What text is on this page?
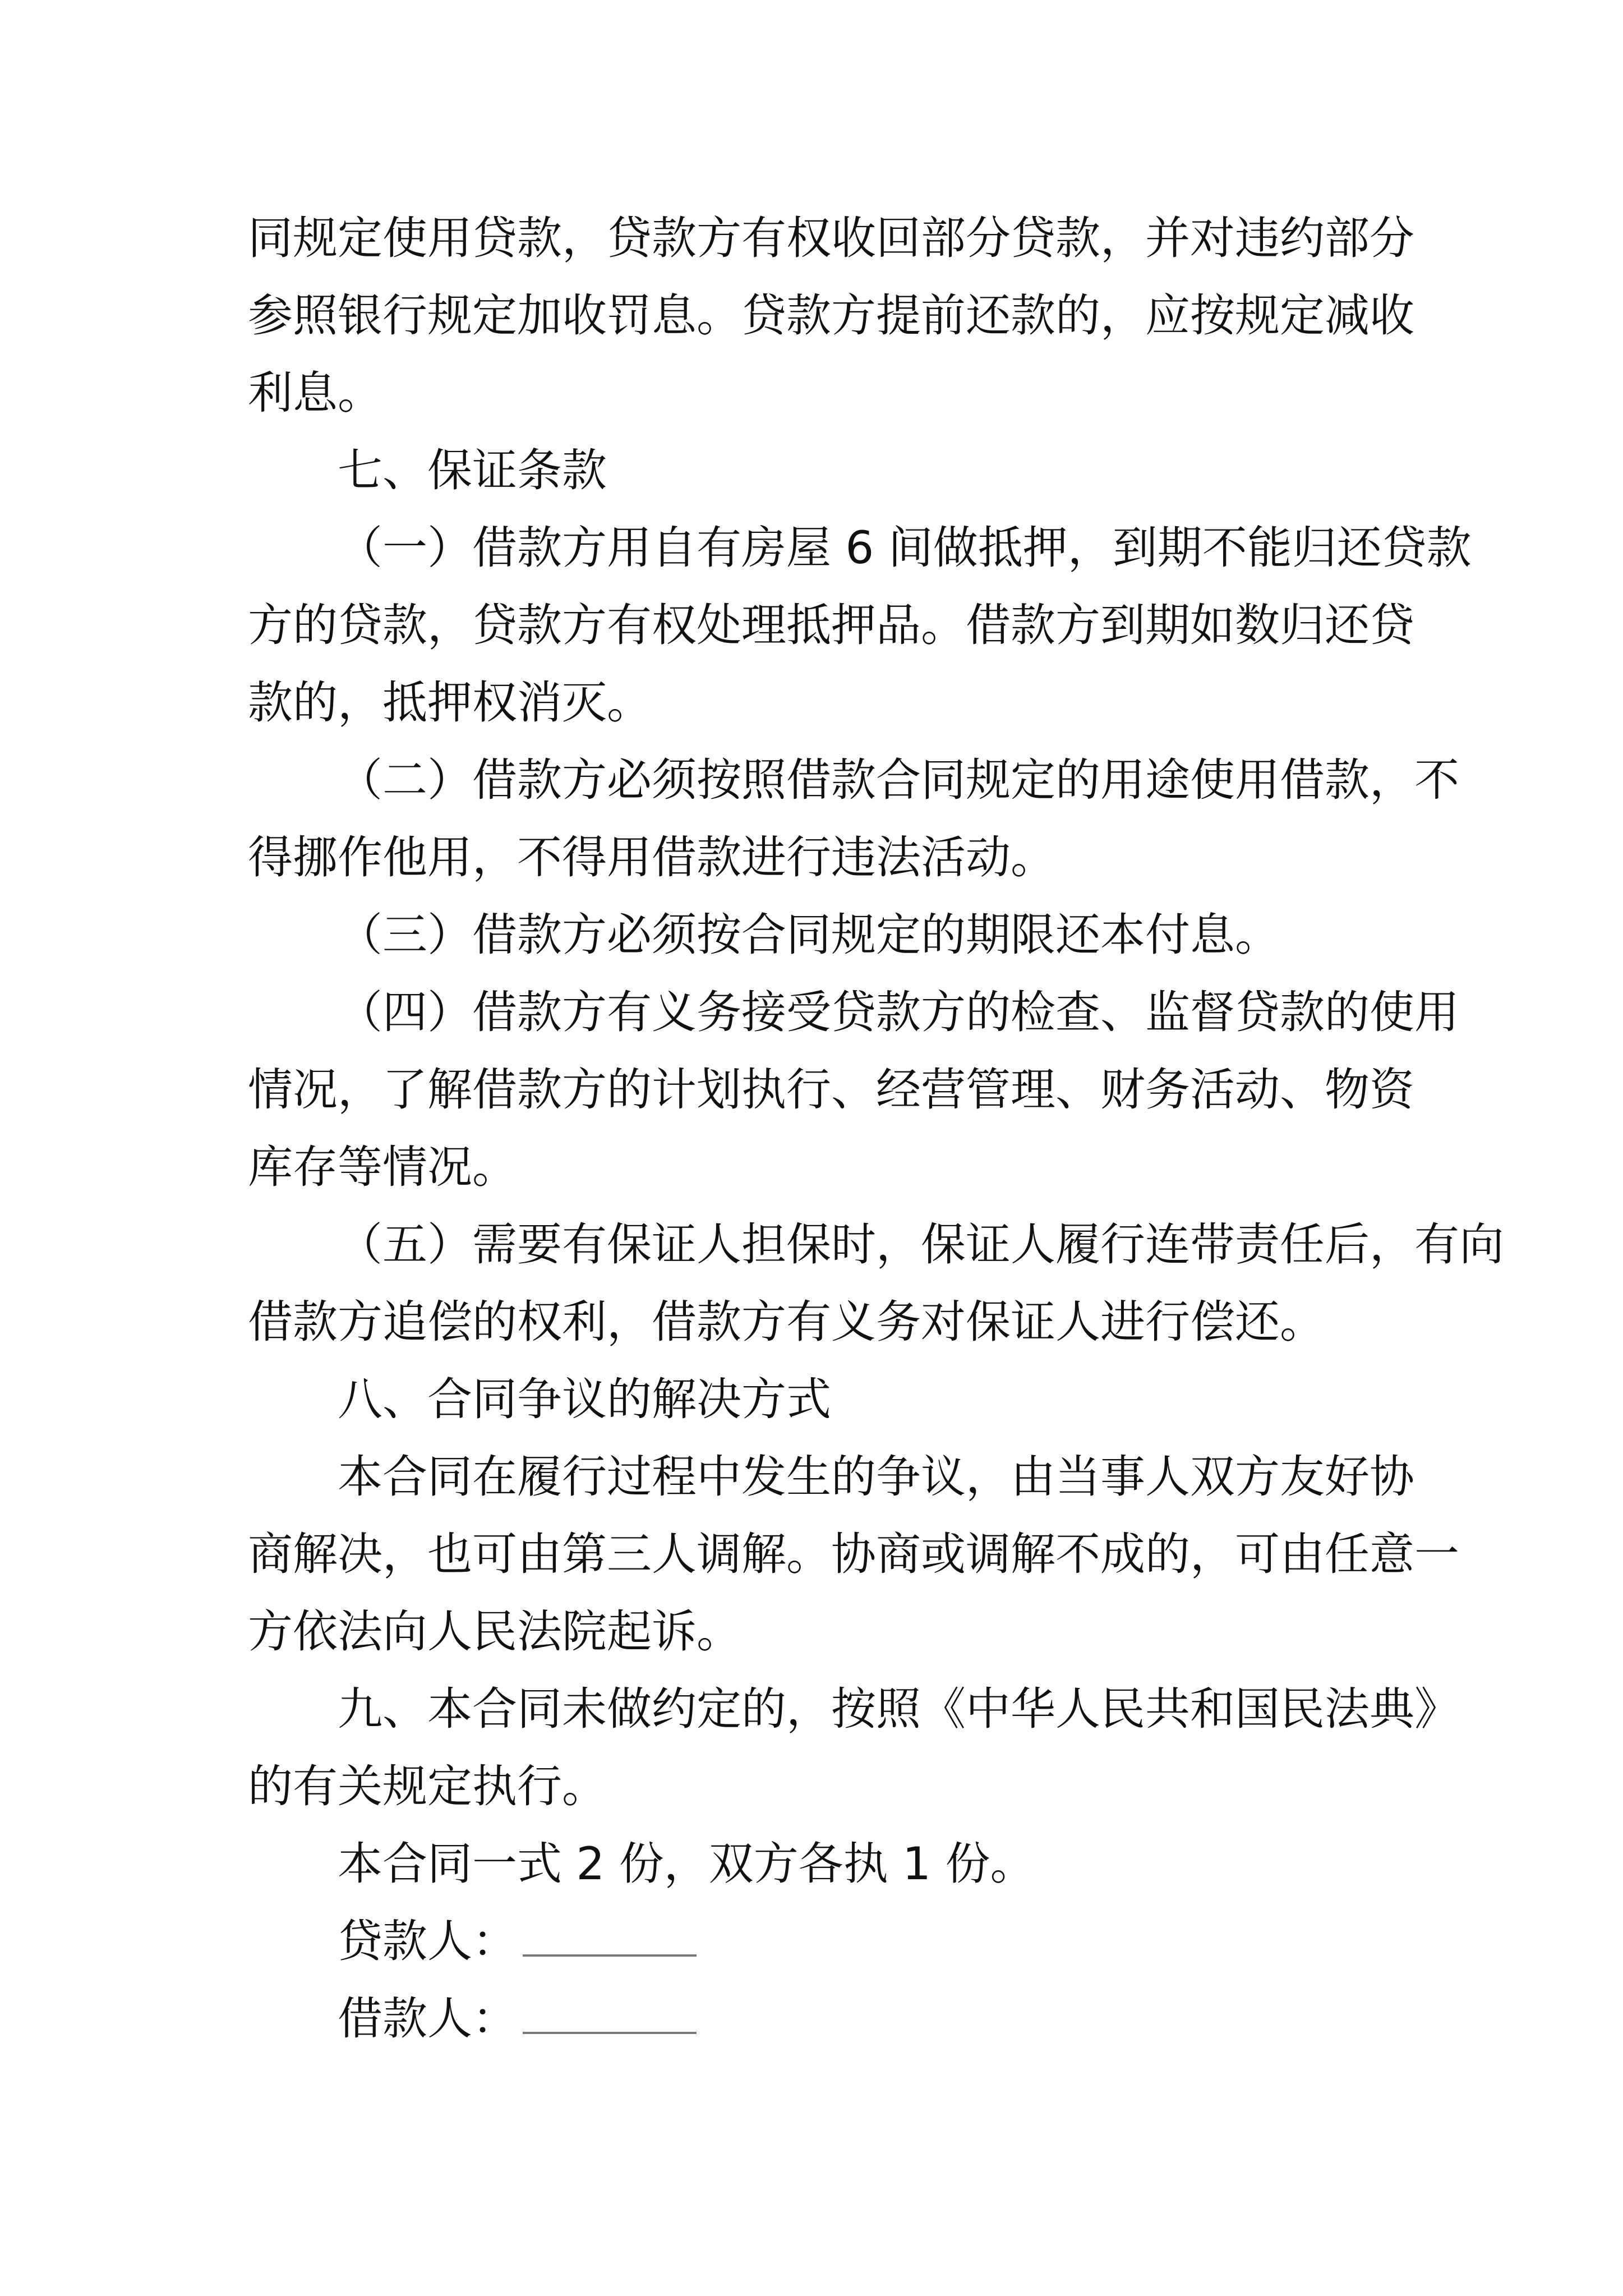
同规定使用贷款，贷款方有权收回部分贷款，并对违约部分
参照银行规定加收罚息。贷款方提前还款的，应按规定减收
利息。
七、保证条款
（一）借款方用自有房屋 6 间做抵押，到期不能归还贷款
方的贷款，贷款方有权处理抵押品。借款方到期如数归还贷
款的，抵押权消灭。
（二）借款方必须按照借款合同规定的用途使用借款，不
得挪作他用，不得用借款进行违法活动。
（三）借款方必须按合同规定的期限还本付息。
（四）借款方有义务接受贷款方的检查、监督贷款的使用
情况，了解借款方的计划执行、经营管理、财务活动、物资
库存等情况。
（五）需要有保证人担保时，保证人履行连带责任后，有向
借款方追偿的权利，借款方有义务对保证人进行偿还。
八、合同争议的解决方式
本合同在履行过程中发生的争议，由当事人双方友好协
商解决，也可由第三人调解。协商或调解不成的，可由任意一
方依法向人民法院起诉。
九、本合同未做约定的，按照《中华人民共和国民法典》
的有关规定执行。
本合同一式 2 份，双方各执 1 份。
贷款人：
借款人：
